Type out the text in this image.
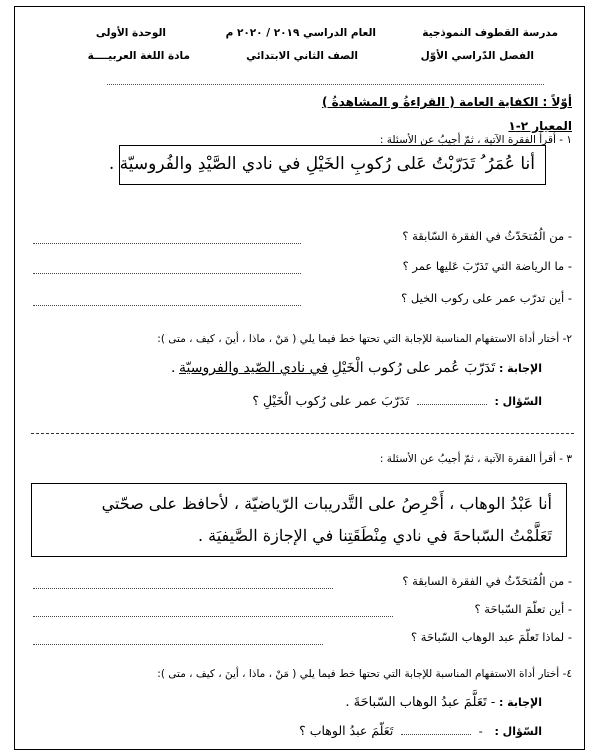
مدرسة القطوف النموذجية
العام الدراسي ٢٠١٩ / ٢٠٢٠ م
الوحدة الأولى
الفصل الدّراسي الأوّل
الصف الثاني الابتدائي
مادة اللغة العربيــــة
أوّلاً : الكفاية العامة ( القراءةُ و المشاهدةُ )
المعيار ٢-١
١ - أقرأ الفقرة الآتية ، ثمّ أجيبُ عن الأسئلة :
أنا عُمَرُ ُ تَدَرّبْتُ عَلى رُكوبِ الخَيْلِ في نادي الصَّيْدِ والفُروسيّة .
- من الُمُتحَدّثُ في الفقرة السّابقة ؟
- ما الرياضة التي تَدَرّبَ عَليها عمر ؟
- أين تدرّب عمر على ركوب الخيل ؟
٢- أختار أداة الاستفهام المناسبة للإجابة التي تحتها خط فيما يلي ( مَنْ ، ماذا ، أينَ ، كيف ، متى ):
الإجابة : تَدَرّبَ عُمر على رُكوب الْخَيْلِ في نادي الصّيد والفروسيّة .
السّؤال :  تَدَرّبَ عمر على رُكوب الْخَيْلِ ؟
٣ - أقرأ الفقرة الآتية ، ثمّ أجيبُ عن الأسئلة :
أنا عَبْدُ الوهاب ، أَحْرِصُ على التَّدريبات الرّياضيّة ، لأحافظ على صحّتي
تَعَلَّمْتُ السّباحةَ في نادي مِنْطَقَتِنا في الإجازة الصَّيفيَة .
- من الُمُتحَدّثُ في الفقرة السابقة ؟
- أين تعلّمَ السّباحَة ؟
- لماذا تَعلّمَ عبد الوهاب السّباحَة ؟
٤- أختار أداة الاستفهام المناسبة للإجابة التي تحتها خط فيما يلي ( مَنْ ، ماذا ، أينَ ، كيف ، متى ):
الإجابة : - تَعَلَّمَ عبدُ الوهاب السّباحَةَ .
السّؤال : -  تَعَلّمَ عبدُ الوهاب ؟
